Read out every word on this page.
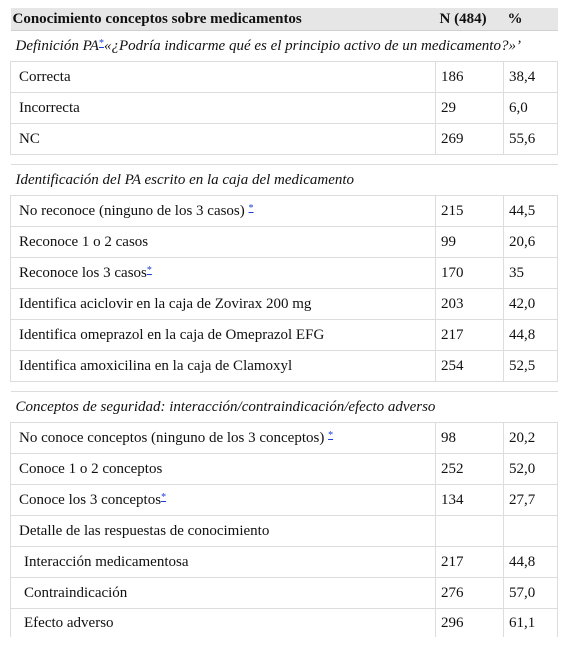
Conocimiento conceptos sobre medicamentos	N (484)	%
Definición PA*«¿Podría indicarme qué es el principio activo de un medicamento?»’		
Correcta	186	38,4
Incorrecta	29	6,0
NC	269	55,6

Identificación del PA escrito en la caja del medicamento		
No reconoce (ninguno de los 3 casos) *	215	44,5
Reconoce 1 o 2 casos	99	20,6
Reconoce los 3 casos*	170	35
Identifica aciclovir en la caja de Zovirax 200 mg	203	42,0
Identifica omeprazol en la caja de Omeprazol EFG	217	44,8
Identifica amoxicilina en la caja de Clamoxyl	254	52,5

Conceptos de seguridad: interacción/contraindicación/efecto adverso		
No conoce conceptos (ninguno de los 3 conceptos) *	98	20,2
Conoce 1 o 2 conceptos	252	52,0
Conoce los 3 conceptos*	134	27,7
Detalle de las respuestas de conocimiento		
Interacción medicamentosa	217	44,8
Contraindicación	276	57,0
Efecto adverso	296	61,1
